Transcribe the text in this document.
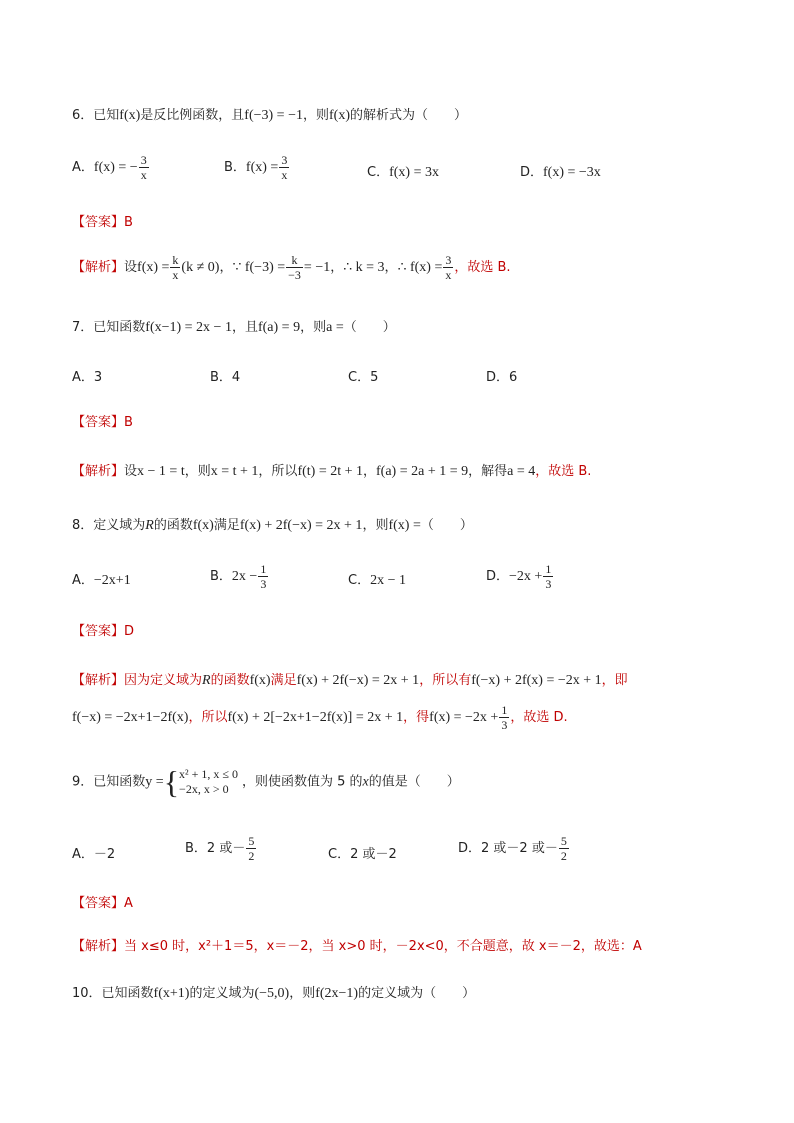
6．已知f(x)是反比例函数，且f(−3) = −1，则f(x)的解析式为（　　）
A．f(x) = − $\frac{3}{x}$	B．$f(x) = \frac{3}{x}$	C．f(x) = 3x	D．f(x) = −3x
【答案】B
【解析】设$f(x) = \frac{k}{x} (k \ne 0)$，∵ $f(-3) = \frac{k}{-3} = -1$，∴ k = 3，∴ $f(x) = \frac{3}{x}$ ，故选 B.
7．已知函数f(x−1) = 2x − 1，且f(a) = 9，则a =（　　）
A．3	B．4	C．5	D．6
【答案】B
【解析】设x − 1 = t，则x = t + 1，所以f(t) = 2t + 1，f(a) = 2a + 1 = 9，解得a = 4，故选 B.
8．定义域为R的函数f(x)满足f(x) + 2f(−x) = 2x + 1，则f(x) =（　　）
A．−2x+1	B．$2x - \frac{1}{3}$	C．2x − 1	D．$-2x + \frac{1}{3}$
【答案】D
【解析】因为定义域为R的函数f(x)满足f(x) + 2f(−x) = 2x + 1，所以有f(−x) + 2f(x) = −2x + 1，即
f(−x) = −2x+1−2f(x)，所以f(x) + 2[−2x+1−2f(x)] = 2x + 1，得$f(x) = -2x + \frac{1}{3}$ ，故选 D.
9．已知函数y ={ x² + 1, x ≤ 0
−2x, x > 0	，则使函数值为 5 的x的值是（　　）
A．－2	B．2 或－ $\frac{5}{2}$	C．2 或－2	D．2 或－2 或－ $\frac{5}{2}$
【答案】A
【解析】当 x≤0 时，x²＋1＝5，x＝－2，当 x>0 时，－2x<0，不合题意，故 x＝－2，故选：A
10．已知函数f(x+1)的定义域为(−5,0)，则f(2x−1)的定义域为（　　）
